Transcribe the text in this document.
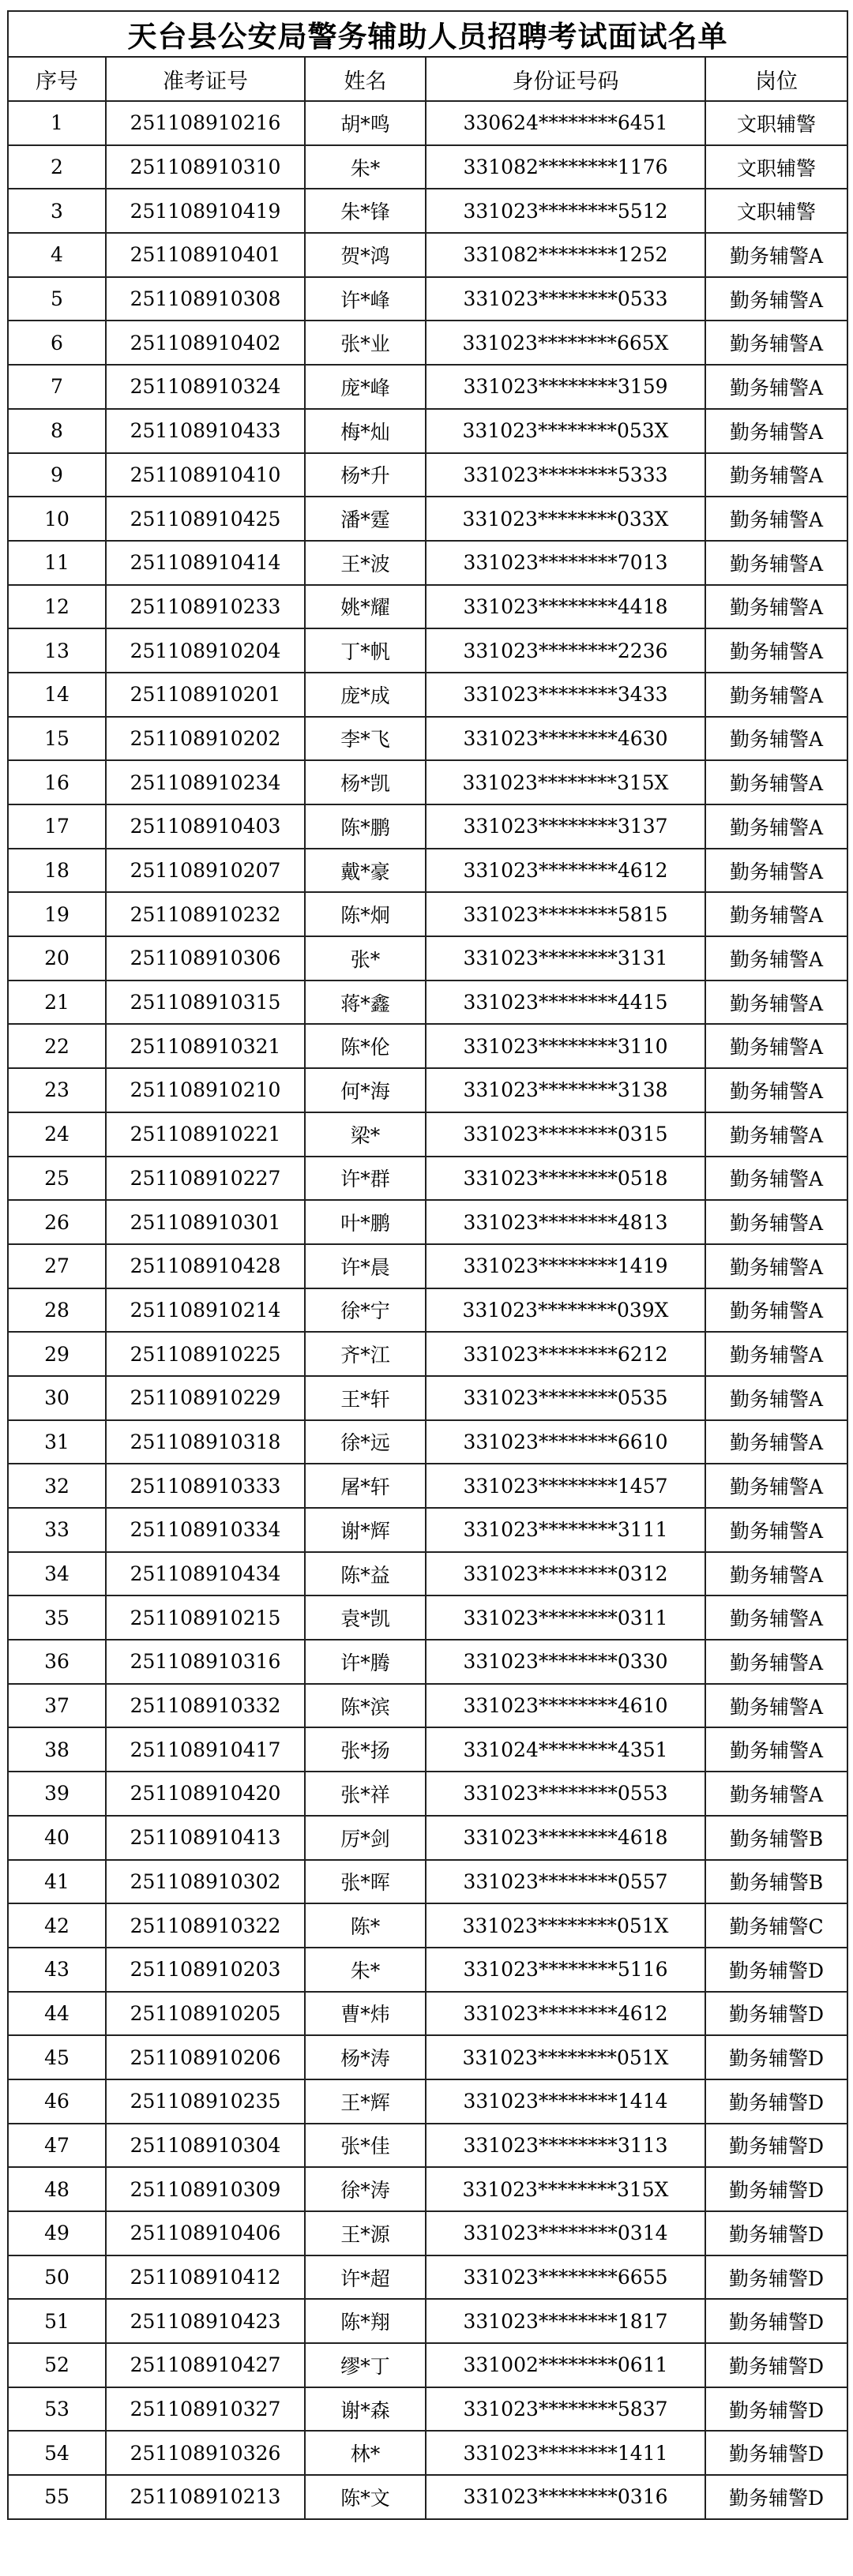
天台县公安局警务辅助人员招聘考试面试名单				
序号	准考证号	姓名	身份证号码	岗位
1	251108910216	胡*鸣	330624********6451	文职辅警
2	251108910310	朱*	331082********1176	文职辅警
3	251108910419	朱*锋	331023********5512	文职辅警
4	251108910401	贺*鸿	331082********1252	勤务辅警A
5	251108910308	许*峰	331023********0533	勤务辅警A
6	251108910402	张*业	331023********665X	勤务辅警A
7	251108910324	庞*峰	331023********3159	勤务辅警A
8	251108910433	梅*灿	331023********053X	勤务辅警A
9	251108910410	杨*升	331023********5333	勤务辅警A
10	251108910425	潘*霆	331023********033X	勤务辅警A
11	251108910414	王*波	331023********7013	勤务辅警A
12	251108910233	姚*耀	331023********4418	勤务辅警A
13	251108910204	丁*帆	331023********2236	勤务辅警A
14	251108910201	庞*成	331023********3433	勤务辅警A
15	251108910202	李*飞	331023********4630	勤务辅警A
16	251108910234	杨*凯	331023********315X	勤务辅警A
17	251108910403	陈*鹏	331023********3137	勤务辅警A
18	251108910207	戴*豪	331023********4612	勤务辅警A
19	251108910232	陈*炯	331023********5815	勤务辅警A
20	251108910306	张*	331023********3131	勤务辅警A
21	251108910315	蒋*鑫	331023********4415	勤务辅警A
22	251108910321	陈*伦	331023********3110	勤务辅警A
23	251108910210	何*海	331023********3138	勤务辅警A
24	251108910221	梁*	331023********0315	勤务辅警A
25	251108910227	许*群	331023********0518	勤务辅警A
26	251108910301	叶*鹏	331023********4813	勤务辅警A
27	251108910428	许*晨	331023********1419	勤务辅警A
28	251108910214	徐*宁	331023********039X	勤务辅警A
29	251108910225	齐*江	331023********6212	勤务辅警A
30	251108910229	王*轩	331023********0535	勤务辅警A
31	251108910318	徐*远	331023********6610	勤务辅警A
32	251108910333	屠*轩	331023********1457	勤务辅警A
33	251108910334	谢*辉	331023********3111	勤务辅警A
34	251108910434	陈*益	331023********0312	勤务辅警A
35	251108910215	袁*凯	331023********0311	勤务辅警A
36	251108910316	许*腾	331023********0330	勤务辅警A
37	251108910332	陈*滨	331023********4610	勤务辅警A
38	251108910417	张*扬	331024********4351	勤务辅警A
39	251108910420	张*祥	331023********0553	勤务辅警A
40	251108910413	厉*剑	331023********4618	勤务辅警B
41	251108910302	张*晖	331023********0557	勤务辅警B
42	251108910322	陈*	331023********051X	勤务辅警C
43	251108910203	朱*	331023********5116	勤务辅警D
44	251108910205	曹*炜	331023********4612	勤务辅警D
45	251108910206	杨*涛	331023********051X	勤务辅警D
46	251108910235	王*辉	331023********1414	勤务辅警D
47	251108910304	张*佳	331023********3113	勤务辅警D
48	251108910309	徐*涛	331023********315X	勤务辅警D
49	251108910406	王*源	331023********0314	勤务辅警D
50	251108910412	许*超	331023********6655	勤务辅警D
51	251108910423	陈*翔	331023********1817	勤务辅警D
52	251108910427	缪*丁	331002********0611	勤务辅警D
53	251108910327	谢*森	331023********5837	勤务辅警D
54	251108910326	林*	331023********1411	勤务辅警D
55	251108910213	陈*文	331023********0316	勤务辅警D
